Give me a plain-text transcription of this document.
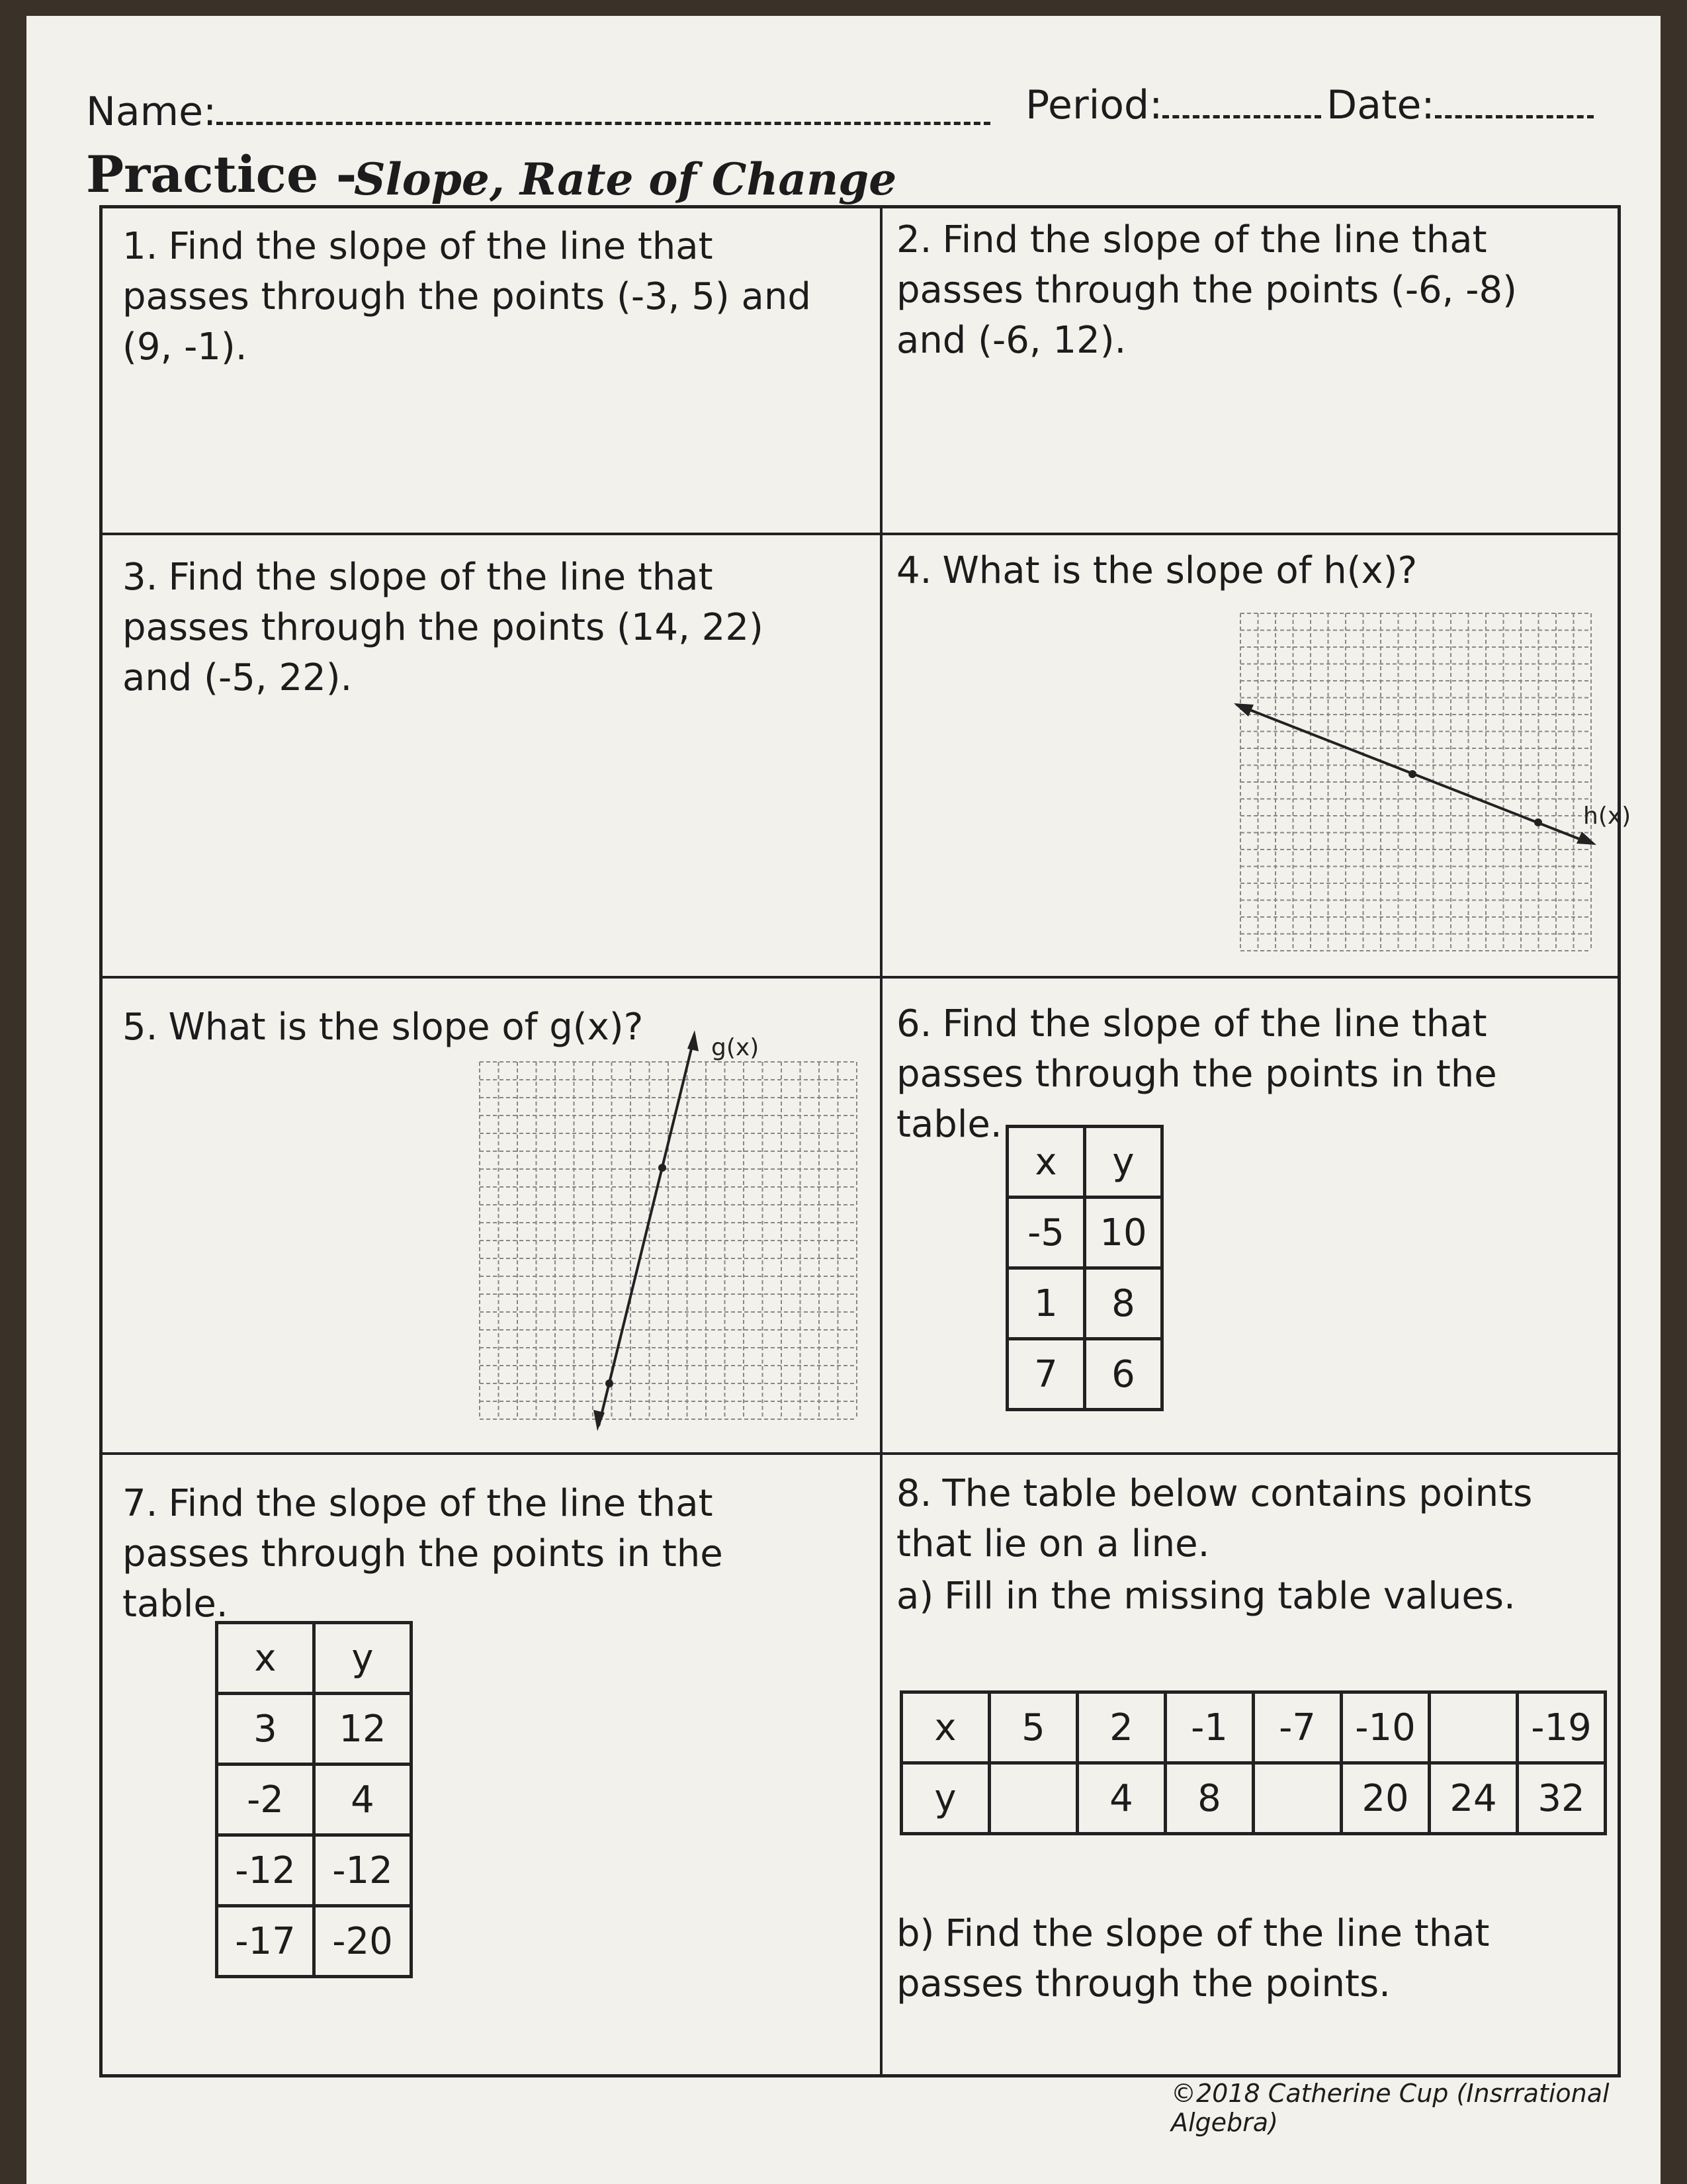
Name:	Period:	Date:
Practice -
Slope, Rate of Change
1. Find the slope of the line that passes through the points (-3, 5) and (9, -1).
2. Find the slope of the line that passes through the points (-6, -8) and (-6, 12).
3. Find the slope of the line that passes through the points (14, 22) and (-5, 22).
4. What is the slope of h(x)?
h(x)
5. What is the slope of g(x)?	g(x)
6. Find the slope of the line that passes through the points in the table.
x	y
-5	10
1	8
7	6
7. Find the slope of the line that passes through the points in the table.
x	y
3	12
-2	4
-12	-12
-17	-20
8. The table below contains points that lie on a line.
a) Fill in the missing table values.
x	5	2	-1	-7	-10		-19
y		4	8		20	24	32
b) Find the slope of the line that passes through the points.
©2018 Catherine Cup (Insrrational Algebra)
